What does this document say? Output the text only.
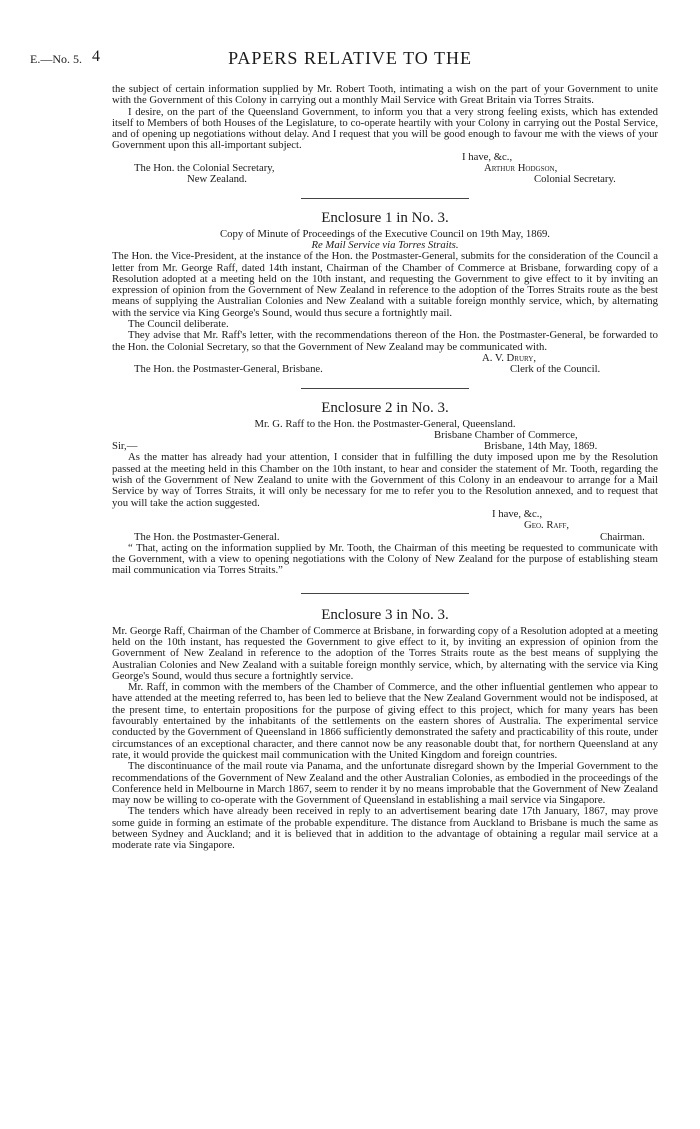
E.—No. 5. 4	PAPERS RELATIVE TO THE

the subject of certain information supplied by Mr. Robert Tooth, intimating a wish on the part of your Government to unite with the Government of this Colony in carrying out a monthly Mail Service with Great Britain via Torres Straits.

I desire, on the part of the Queensland Government, to inform you that a very strong feeling exists, which has extended itself to Members of both Houses of the Legislature, to co-operate heartily with your Colony in carrying out the Postal Service, and of opening up negotiations without delay. And I request that you will be good enough to favour me with the views of your Government upon this all-important subject.

I have, &c.,
The Hon. the Colonial Secretary,	Arthur Hodgson,
New Zealand.	Colonial Secretary.
Enclosure 1 in No. 3.
Copy of Minute of Proceedings of the Executive Council on 19th May, 1869.
Re Mail Service via Torres Straits.

The Hon. the Vice-President, at the instance of the Hon. the Postmaster-General, submits for the consideration of the Council a letter from Mr. George Raff, dated 14th instant, Chairman of the Chamber of Commerce at Brisbane, forwarding copy of a Resolution adopted at a meeting held on the 10th instant, and requesting the Government to give effect to it by inviting an expression of opinion from the Government of New Zealand in reference to the adoption of the Torres Straits route as the best means of supplying the Australian Colonies and New Zealand with a suitable foreign monthly service, which, by alternating with the service via King George's Sound, would thus secure a fortnightly mail.

The Council deliberate.

They advise that Mr. Raff's letter, with the recommendations thereon of the Hon. the Postmaster-General, be forwarded to the Hon. the Colonial Secretary, so that the Government of New Zealand may be communicated with.

A. V. Drury,
The Hon. the Postmaster-General, Brisbane.	Clerk of the Council.
Enclosure 2 in No. 3.
Mr. G. Raff to the Hon. the Postmaster-General, Queensland.
Brisbane Chamber of Commerce,
Sir,—	Brisbane, 14th May, 1869.

As the matter has already had your attention, I consider that in fulfilling the duty imposed upon me by the Resolution passed at the meeting held in this Chamber on the 10th instant, to hear and consider the statement of Mr. Tooth, regarding the wish of the Government of New Zealand to unite with the Government of this Colony in an endeavour to arrange for a Mail Service by way of Torres Straits, it will only be necessary for me to refer you to the Resolution annexed, and to request that you will take the action suggested.

I have, &c.,
Geo. Raff,
The Hon. the Postmaster-General.	Chairman.

“ That, acting on the information supplied by Mr. Tooth, the Chairman of this meeting be requested to communicate with the Government, with a view to opening negotiations with the Colony of New Zealand for the purpose of establishing steam mail communication via Torres Straits.”

Enclosure 3 in No. 3.

Mr. George Raff, Chairman of the Chamber of Commerce at Brisbane, in forwarding copy of a Resolution adopted at a meeting held on the 10th instant, has requested the Government to give effect to it, by inviting an expression of opinion from the Government of New Zealand in reference to the adoption of the Torres Straits route as the best means of supplying the Australian Colonies and New Zealand with a suitable foreign monthly service, which, by alternating with the service via King George's Sound, would thus secure a fortnightly service.

Mr. Raff, in common with the members of the Chamber of Commerce, and the other influential gentlemen who appear to have attended at the meeting referred to, has been led to believe that the New Zealand Government would not be indisposed, at the present time, to entertain propositions for the purpose of giving effect to this project, which for many years has been favourably entertained by the inhabitants of the settlements on the eastern shores of Australia. The experimental service conducted by the Government of Queensland in 1866 sufficiently demonstrated the safety and practicability of this route, under circumstances of an exceptional character, and there cannot now be any reasonable doubt that, for northern Queensland at any rate, it would provide the quickest mail communication with the United Kingdom and foreign countries.

The discontinuance of the mail route via Panama, and the unfortunate disregard shown by the Imperial Government to the recommendations of the Government of New Zealand and the other Australian Colonies, as embodied in the proceedings of the Conference held in Melbourne in March 1867, seem to render it by no means improbable that the Government of New Zealand may now be willing to co-operate with the Government of Queensland in establishing a mail service via Singapore.

The tenders which have already been received in reply to an advertisement bearing date 17th January, 1867, may prove some guide in forming an estimate of the probable expenditure. The distance from Auckland to Brisbane is much the same as between Sydney and Auckland; and it is believed that in addition to the advantage of obtaining a regular mail service at a moderate rate via Singapore.
